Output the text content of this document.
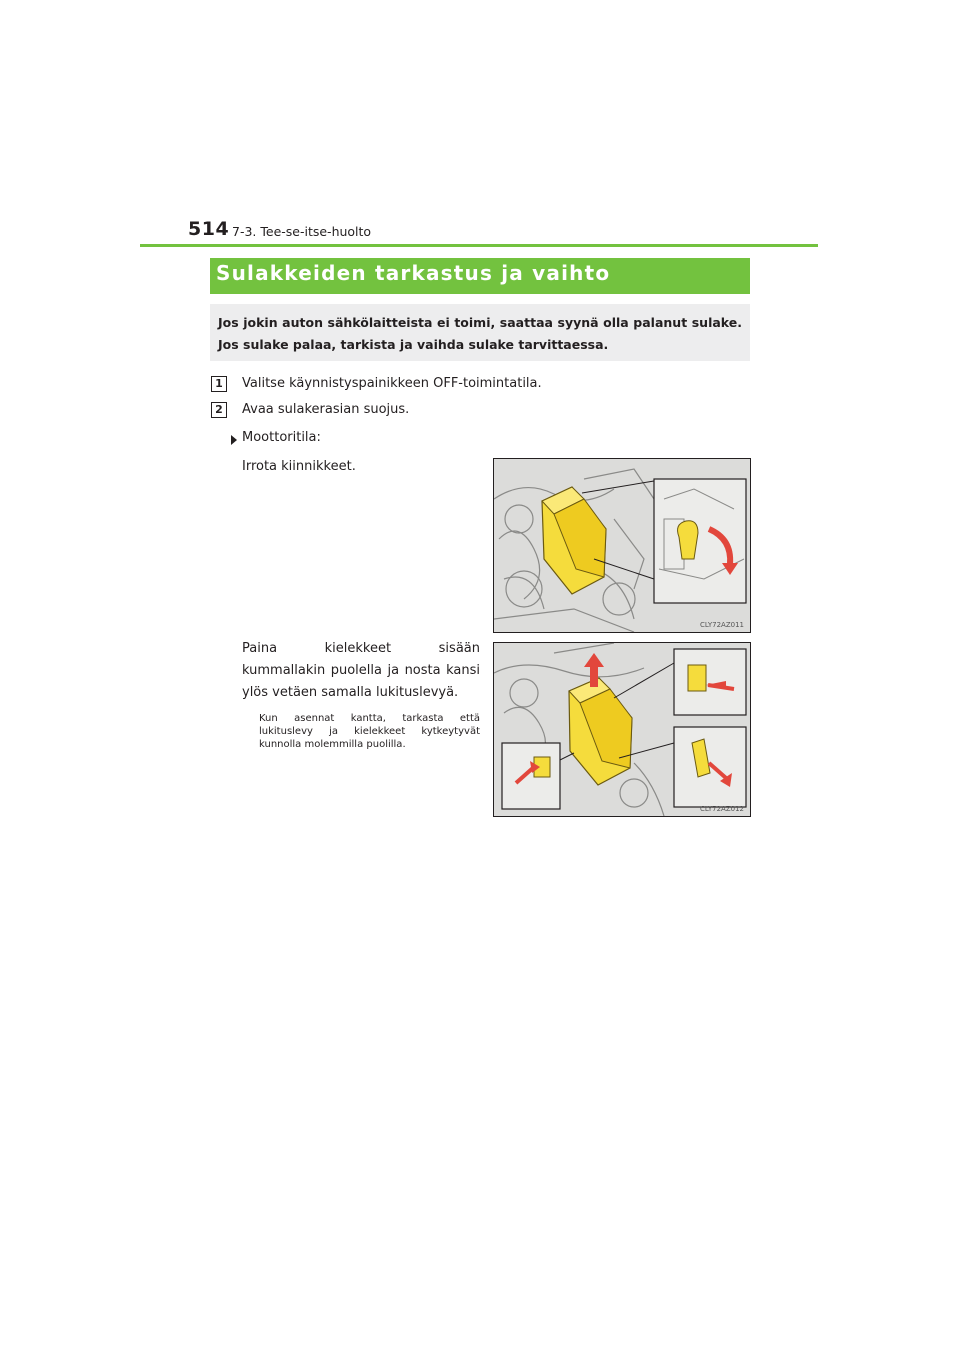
514 7-3. Tee-se-itse-huolto
Sulakkeiden tarkastus ja vaihto
Jos jokin auton sähkölaitteista ei toimi, saattaa syynä olla palanut sulake. Jos sulake palaa, tarkista ja vaihda sulake tarvittaessa.
1	Valitse käynnistyspainikkeen OFF-toimintatila.
2	Avaa sulakerasian suojus.
Moottoritila:
Irrota kiinnikkeet.
Paina kielekkeet sisään kummallakin puolella ja nosta kansi ylös vetäen samalla lukituslevyä.
Kun asennat kantta, tarkasta että lukituslevy ja kielekkeet kytkeytyvät kunnolla molemmilla puolilla.
CLY72AZ011
CLY72AZ012
